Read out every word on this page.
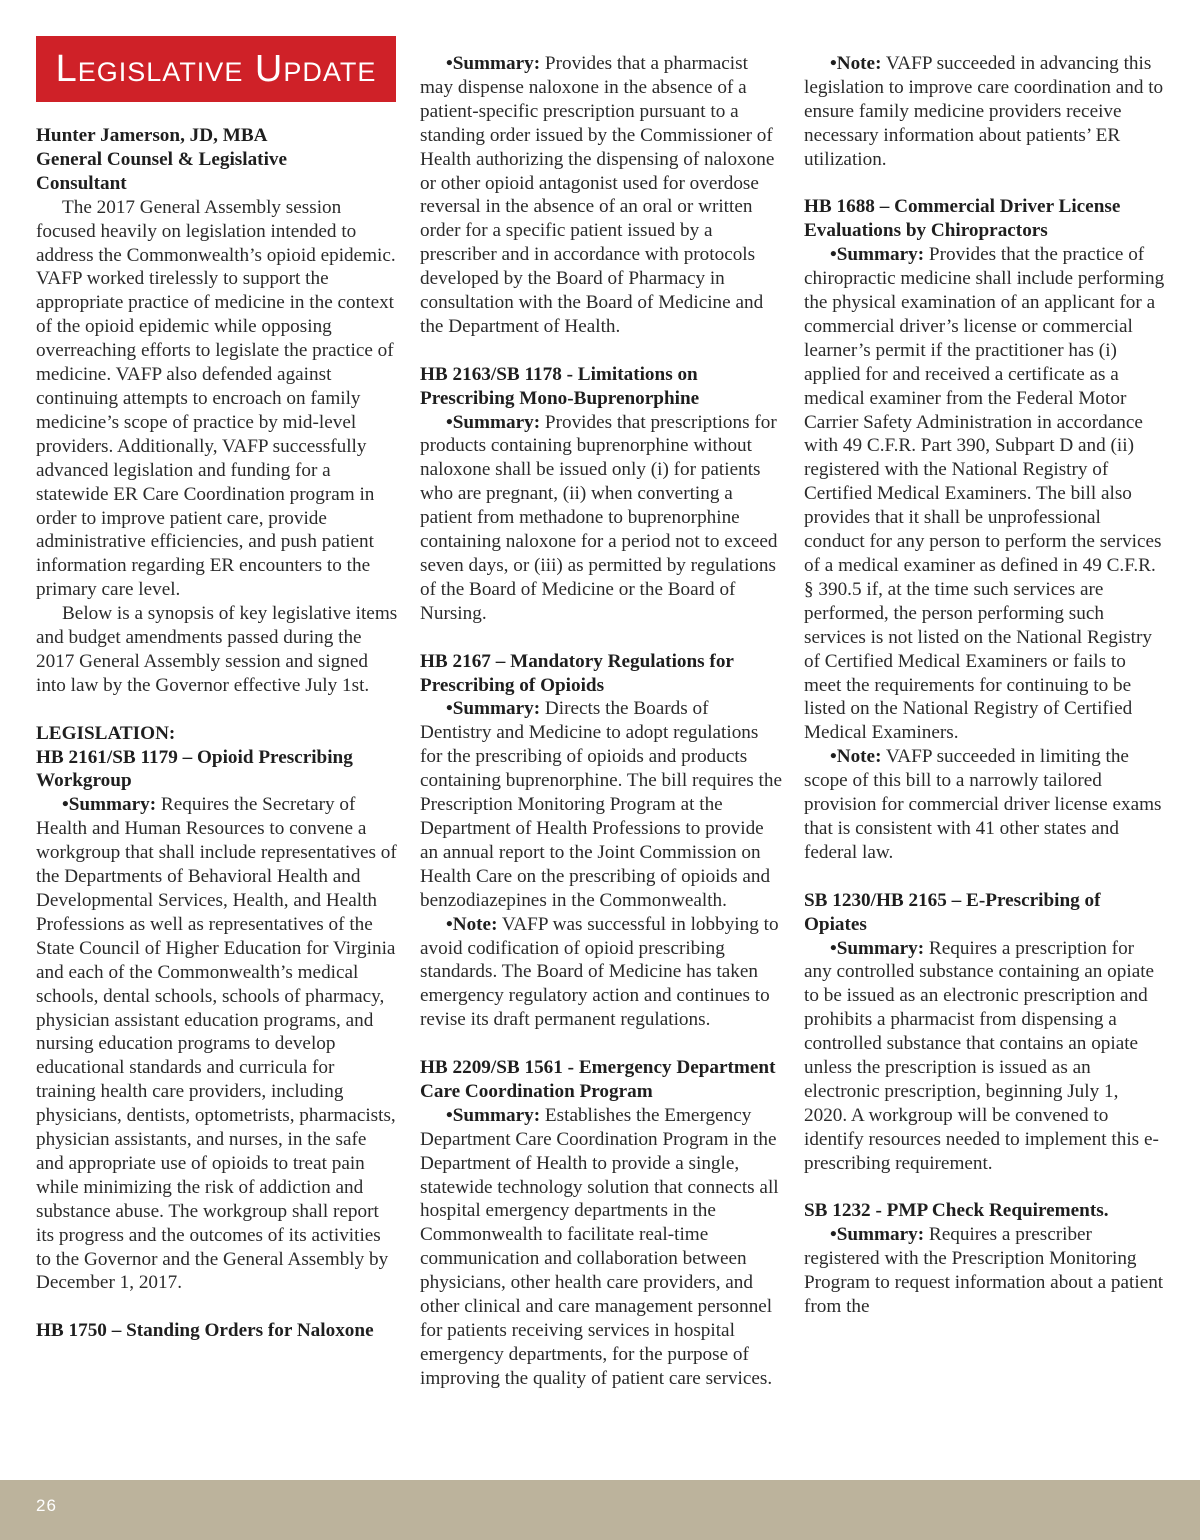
Legislative Update

Hunter Jamerson, JD, MBA

General Counsel & Legislative

Consultant

The 2017 General Assembly session focused heavily on legislation intended to address the Commonwealth’s opioid epidemic. VAFP worked tirelessly to support the appropriate practice of medicine in the context of the opioid epidemic while opposing overreaching efforts to legislate the practice of medicine. VAFP also defended against continuing attempts to encroach on family medicine’s scope of practice by mid-level providers. Additionally, VAFP successfully advanced legislation and funding for a statewide ER Care Coordination program in order to improve patient care, provide administrative efficiencies, and push patient information regarding ER encounters to the primary care level.

Below is a synopsis of key legislative items and budget amendments passed during the 2017 General Assembly session and signed into law by the Governor effective July 1st.

LEGISLATION:

HB 2161/SB 1179 – Opioid Prescribing Workgroup

•Summary: Requires the Secretary of Health and Human Resources to convene a workgroup that shall include representatives of the Departments of Behavioral Health and Developmental Services, Health, and Health Professions as well as representatives of the State Council of Higher Education for Virginia and each of the Commonwealth’s medical schools, dental schools, schools of pharmacy, physician assistant education programs, and nursing education programs to develop educational standards and curricula for training health care providers, including physicians, dentists, optometrists, pharmacists, physician assistants, and nurses, in the safe and appropriate use of opioids to treat pain while minimizing the risk of addiction and substance abuse. The workgroup shall report its progress and the outcomes of its activities to the Governor and the General Assembly by December 1, 2017.

HB 1750 – Standing Orders for Naloxone

•Summary: Provides that a pharmacist may dispense naloxone in the absence of a patient-specific prescription pursuant to a standing order issued by the Commissioner of Health authorizing the dispensing of naloxone or other opioid antagonist used for overdose reversal in the absence of an oral or written order for a specific patient issued by a prescriber and in accordance with protocols developed by the Board of Pharmacy in consultation with the Board of Medicine and the Department of Health.

HB 2163/SB 1178 - Limitations on Prescribing Mono-Buprenorphine

•Summary: Provides that prescriptions for products containing buprenorphine without naloxone shall be issued only (i) for patients who are pregnant, (ii) when converting a patient from methadone to buprenorphine containing naloxone for a period not to exceed seven days, or (iii) as permitted by regulations of the Board of Medicine or the Board of Nursing.

HB 2167 – Mandatory Regulations for Prescribing of Opioids

•Summary: Directs the Boards of Dentistry and Medicine to adopt regulations for the prescribing of opioids and products containing buprenorphine. The bill requires the Prescription Monitoring Program at the Department of Health Professions to provide an annual report to the Joint Commission on Health Care on the prescribing of opioids and benzodiazepines in the Commonwealth.

•Note: VAFP was successful in lobbying to avoid codification of opioid prescribing standards. The Board of Medicine has taken emergency regulatory action and continues to revise its draft permanent regulations.

HB 2209/SB 1561 - Emergency Department Care Coordination Program

•Summary: Establishes the Emergency Department Care Coordination Program in the Department of Health to provide a single, statewide technology solution that connects all hospital emergency departments in the Commonwealth to facilitate real-time communication and collaboration between physicians, other health care providers, and other clinical and care management personnel for patients receiving services in hospital emergency departments, for the purpose of improving the quality of patient care services.

•Note: VAFP succeeded in advancing this legislation to improve care coordination and to ensure family medicine providers receive necessary information about patients’ ER utilization.

HB 1688 – Commercial Driver License Evaluations by Chiropractors

•Summary: Provides that the practice of chiropractic medicine shall include performing the physical examination of an applicant for a commercial driver’s license or commercial learner’s permit if the practitioner has (i) applied for and received a certificate as a medical examiner from the Federal Motor Carrier Safety Administration in accordance with 49 C.F.R. Part 390, Subpart D and (ii) registered with the National Registry of Certified Medical Examiners. The bill also provides that it shall be unprofessional conduct for any person to perform the services of a medical examiner as defined in 49 C.F.R. § 390.5 if, at the time such services are performed, the person performing such services is not listed on the National Registry of Certified Medical Examiners or fails to meet the requirements for continuing to be listed on the National Registry of Certified Medical Examiners.

•Note: VAFP succeeded in limiting the scope of this bill to a narrowly tailored provision for commercial driver license exams that is consistent with 41 other states and federal law.

SB 1230/HB 2165 – E-Prescribing of Opiates

•Summary: Requires a prescription for any controlled substance containing an opiate to be issued as an electronic prescription and prohibits a pharmacist from dispensing a controlled substance that contains an opiate unless the prescription is issued as an electronic prescription, beginning July 1, 2020. A workgroup will be convened to identify resources needed to implement this e-prescribing requirement.

SB 1232 - PMP Check Requirements.

•Summary: Requires a prescriber registered with the Prescription Monitoring Program to request information about a patient from the

26
